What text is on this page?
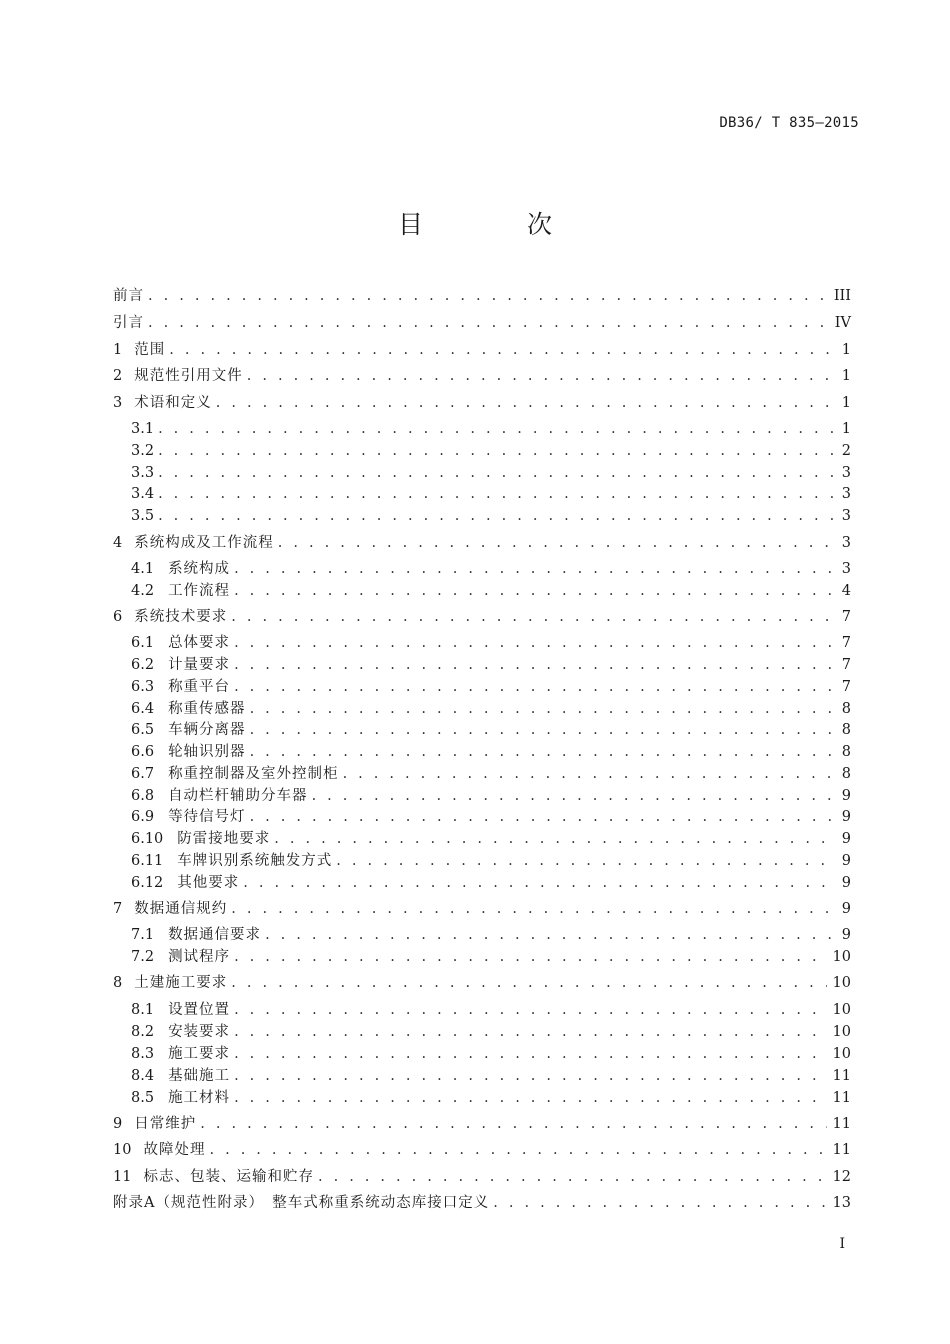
DB36/ T 835—2015
目 次
前言 . . .	III
引言 . . .	IV
1 范围 . . .	1
2 规范性引用文件 . . .	1
3 术语和定义 . . .	1
3.1 . . .	1
3.2 . . .	2
3.3 . . .	3
3.4 . . .	3
3.5 . . .	3
4 系统构成及工作流程 . . .	3
4.1 系统构成 . . .	3
4.2 工作流程 . . .	4
6 系统技术要求 . . .	7
6.1 总体要求 . . .	7
6.2 计量要求 . . .	7
6.3 称重平台 . . .	7
6.4 称重传感器 . . .	8
6.5 车辆分离器 . . .	8
6.6 轮轴识别器 . . .	8
6.7 称重控制器及室外控制柜 . . .	8
6.8 自动栏杆辅助分车器 . . .	9
6.9 等待信号灯 . . .	9
6.10 防雷接地要求 . . .	9
6.11 车牌识别系统触发方式 . . .	9
6.12 其他要求 . . .	9
7 数据通信规约 . . .	9
7.1 数据通信要求 . . .	9
7.2 测试程序 . . .	10
8 土建施工要求 . . .	10
8.1 设置位置 . . .	10
8.2 安装要求 . . .	10
8.3 施工要求 . . .	10
8.4 基础施工 . . .	11
8.5 施工材料 . . .	11
9 日常维护 . . .	11
10 故障处理 . . .	11
11 标志、包装、运输和贮存 . . .	12
附录A（规范性附录）　整车式称重系统动态库接口定义 . . .	13
I
